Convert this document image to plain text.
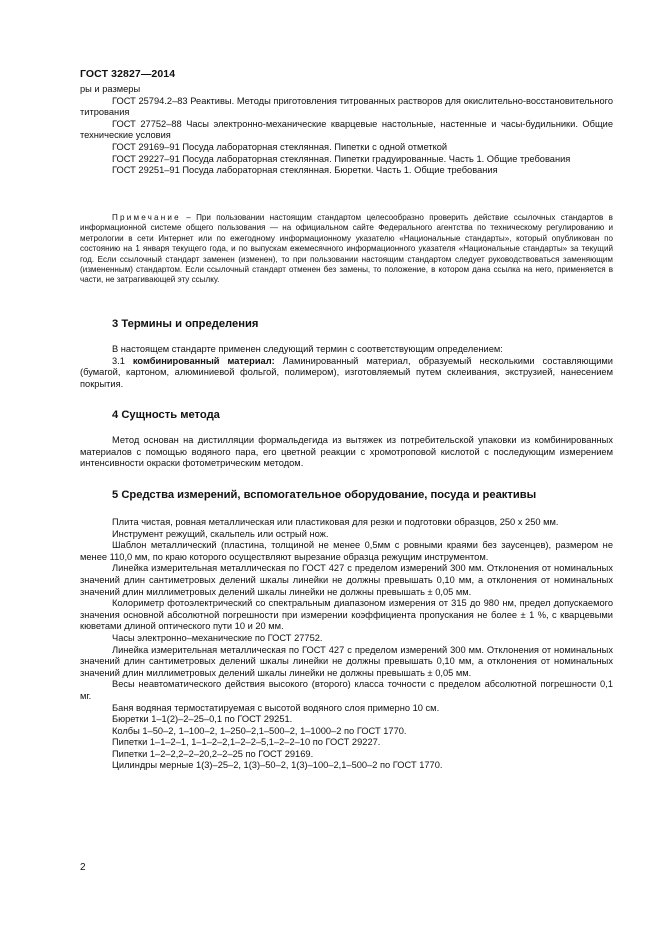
ГОСТ 32827—2014

ры и размеры

ГОСТ 25794.2–83 Реактивы. Методы приготовления титрованных растворов для окислительно-восстановительного титрования

ГОСТ 27752–88 Часы электронно-механические кварцевые настольные, настенные и часы-будильники. Общие технические условия

ГОСТ 29169–91 Посуда лабораторная стеклянная. Пипетки с одной отметкой

ГОСТ 29227–91 Посуда лабораторная стеклянная. Пипетки градуированные. Часть 1. Общие требования

ГОСТ 29251–91 Посуда лабораторная стеклянная. Бюретки. Часть 1. Общие требования

Примечание – При пользовании настоящим стандартом целесообразно проверить действие ссылочных стандартов в информационной системе общего пользования — на официальном сайте Федерального агентства по техническому регулированию и метрологии в сети Интернет или по ежегодному информационному указателю «Национальные стандарты», который опубликован по состоянию на 1 января текущего года, и по выпускам ежемесячного информационного указателя «Национальные стандарты» за текущий год. Если ссылочный стандарт заменен (изменен), то при пользовании настоящим стандартом следует руководствоваться заменяющим (измененным) стандартом. Если ссылочный стандарт отменен без замены, то положение, в котором дана ссылка на него, применяется в части, не затрагивающей эту ссылку.

3 Термины и определения

В настоящем стандарте применен следующий термин с соответствующим определением:

3.1 комбинированный материал: Ламинированный материал, образуемый несколькими составляющими (бумагой, картоном, алюминиевой фольгой, полимером), изготовляемый путем склеивания, экструзией, нанесением покрытия.

4 Сущность метода

Метод основан на дистилляции формальдегида из вытяжек из потребительской упаковки из комбинированных материалов с помощью водяного пара, его цветной реакции с хромотроповой кислотой с последующим измерением интенсивности окраски фотометрическим методом.

5 Средства измерений, вспомогательное оборудование, посуда и реактивы

Плита чистая, ровная металлическая или пластиковая для резки и подготовки образцов, 250 х 250 мм.

Инструмент режущий, скальпель или острый нож.

Шаблон металлический (пластина, толщиной не менее 0,5мм с ровными краями без заусенцев), размером не менее 110,0 мм, по краю которого осуществляют вырезание образца режущим инструментом.

Линейка измерительная металлическая по ГОСТ 427 с пределом измерений 300 мм. Отклонения от номинальных значений длин сантиметровых делений шкалы линейки не должны превышать 0,10 мм, а отклонения от номинальных значений длин миллиметровых делений шкалы линейки не должны превышать ± 0,05 мм.

Колориметр фотоэлектрический со спектральным диапазоном измерения от 315 до 980 нм, предел допускаемого значения основной абсолютной погрешности при измерении коэффициента пропускания не более ± 1 %, с кварцевыми кюветами длиной оптического пути 10 и 20 мм.

Часы электронно–механические по ГОСТ 27752.

Линейка измерительная металлическая по ГОСТ 427 с пределом измерений 300 мм. Отклонения от номинальных значений длин сантиметровых делений шкалы линейки не должны превышать 0,10 мм, а отклонения от номинальных значений длин миллиметровых делений шкалы линейки не должны превышать ± 0,05 мм.

Весы неавтоматического действия высокого (второго) класса точности с пределом абсолютной погрешности 0,1 мг.

Баня водяная термостатируемая с высотой водяного слоя примерно 10 см.

Бюретки 1–1(2)–2–25–0,1 по ГОСТ 29251.

Колбы 1–50–2, 1–100–2, 1–250–2,1–500–2, 1–1000–2 по ГОСТ 1770.

Пипетки 1–1–2–1, 1–1–2–2,1–2–2–5,1–2–2–10 по ГОСТ 29227.

Пипетки 1–2–2,2–2–20,2–2–25 по ГОСТ 29169.

Цилиндры мерные 1(3)–25–2, 1(3)–50–2, 1(3)–100–2,1–500–2 по ГОСТ 1770.

2
